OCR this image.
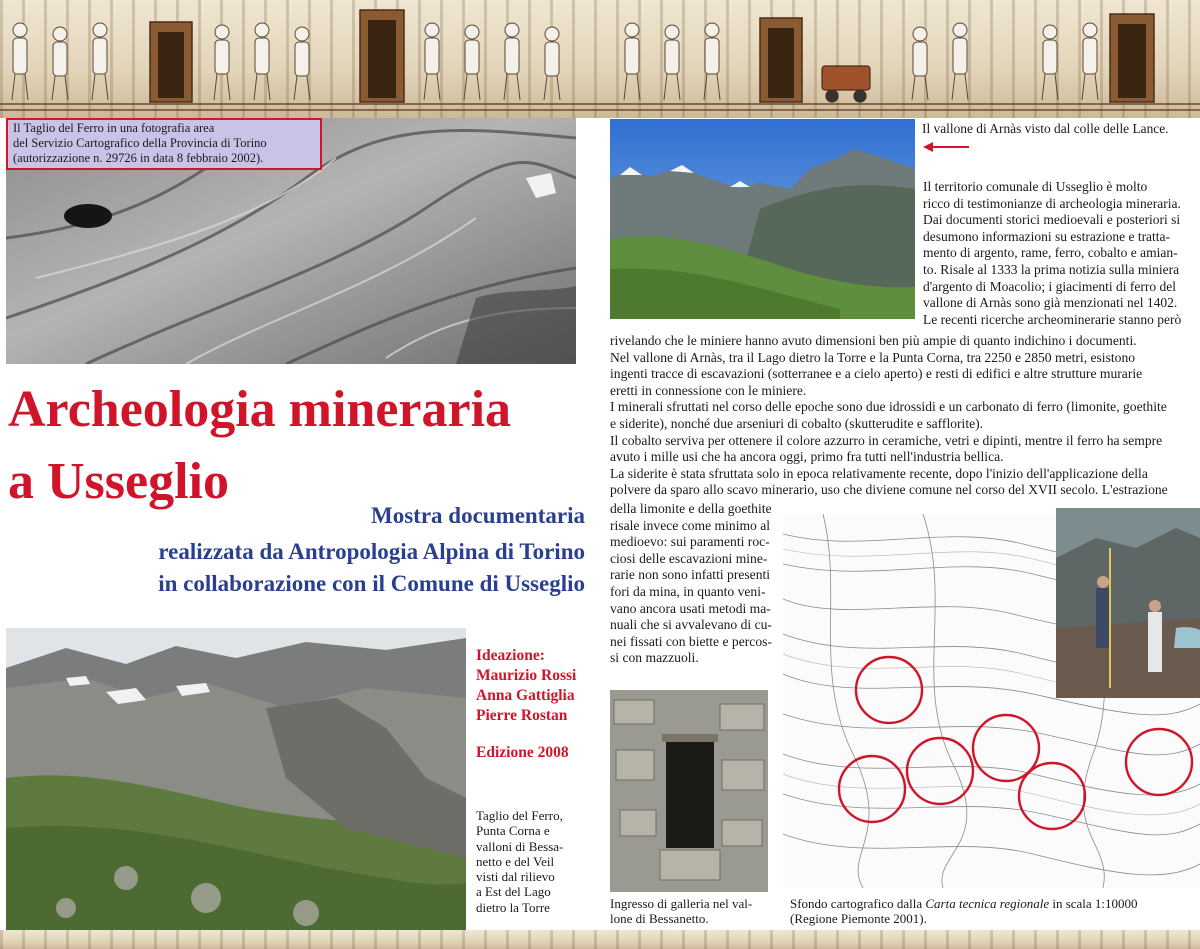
Il Taglio del Ferro in una fotografia area
del Servizio Cartografico della Provincia di Torino
(autorizzazione n. 29726 in data 8 febbraio 2002).
Archeologia mineraria
a Usseglio
Mostra documentaria
realizzata da Antropologia Alpina di Torino
in collaborazione con il Comune di Usseglio
Ideazione:
Maurizio Rossi
Anna Gattiglia
Pierre Rostan
Edizione 2008
Taglio del Ferro,
Punta Corna e
valloni di Bessa-
netto e del Veil
visti dal rilievo
a Est del Lago
dietro la Torre
Il vallone di Arnàs visto dal colle delle Lance.
Il territorio comunale di Usseglio è molto
ricco di testimonianze di archeologia mineraria.
Dai documenti storici medioevali e posteriori si
desumono informazioni su estrazione e tratta-
mento di argento, rame, ferro, cobalto e amian-
to. Risale al 1333 la prima notizia sulla miniera
d'argento di Moacolio; i giacimenti di ferro del
vallone di Arnàs sono già menzionati nel 1402.
Le recenti ricerche archeominerarie stanno però
rivelando che le miniere hanno avuto dimensioni ben più ampie di quanto indichino i documenti.
Nel vallone di Arnàs, tra il Lago dietro la Torre e la Punta Corna, tra 2250 e 2850 metri, esistono
ingenti tracce di escavazioni (sotterranee e a cielo aperto) e resti di edifici e altre strutture murarie
eretti in connessione con le miniere.
I minerali sfruttati nel corso delle epoche sono due idrossidi e un carbonato di ferro (limonite, goethite
e siderite), nonché due arseniuri di cobalto (skutterudite e safflorite).
Il cobalto serviva per ottenere il colore azzurro in ceramiche, vetri e dipinti, mentre il ferro ha sempre
avuto i mille usi che ha ancora oggi, primo fra tutti nell'industria bellica.
La siderite è stata sfruttata solo in epoca relativamente recente, dopo l'inizio dell'applicazione della
polvere da sparo allo scavo minerario, uso che diviene comune nel corso del XVII secolo. L'estrazione
della limonite e della goethite
risale invece come minimo al
medioevo: sui paramenti roc-
ciosi delle escavazioni mine-
rarie non sono infatti presenti
fori da mina, in quanto veni-
vano ancora usati metodi ma-
nuali che si avvalevano di cu-
nei fissati con biette e percos-
si con mazzuoli.
Ingresso di galleria nel val-
lone di Bessanetto.
Sfondo cartografico dalla Carta tecnica regionale in scala 1:10000
(Regione Piemonte 2001).
